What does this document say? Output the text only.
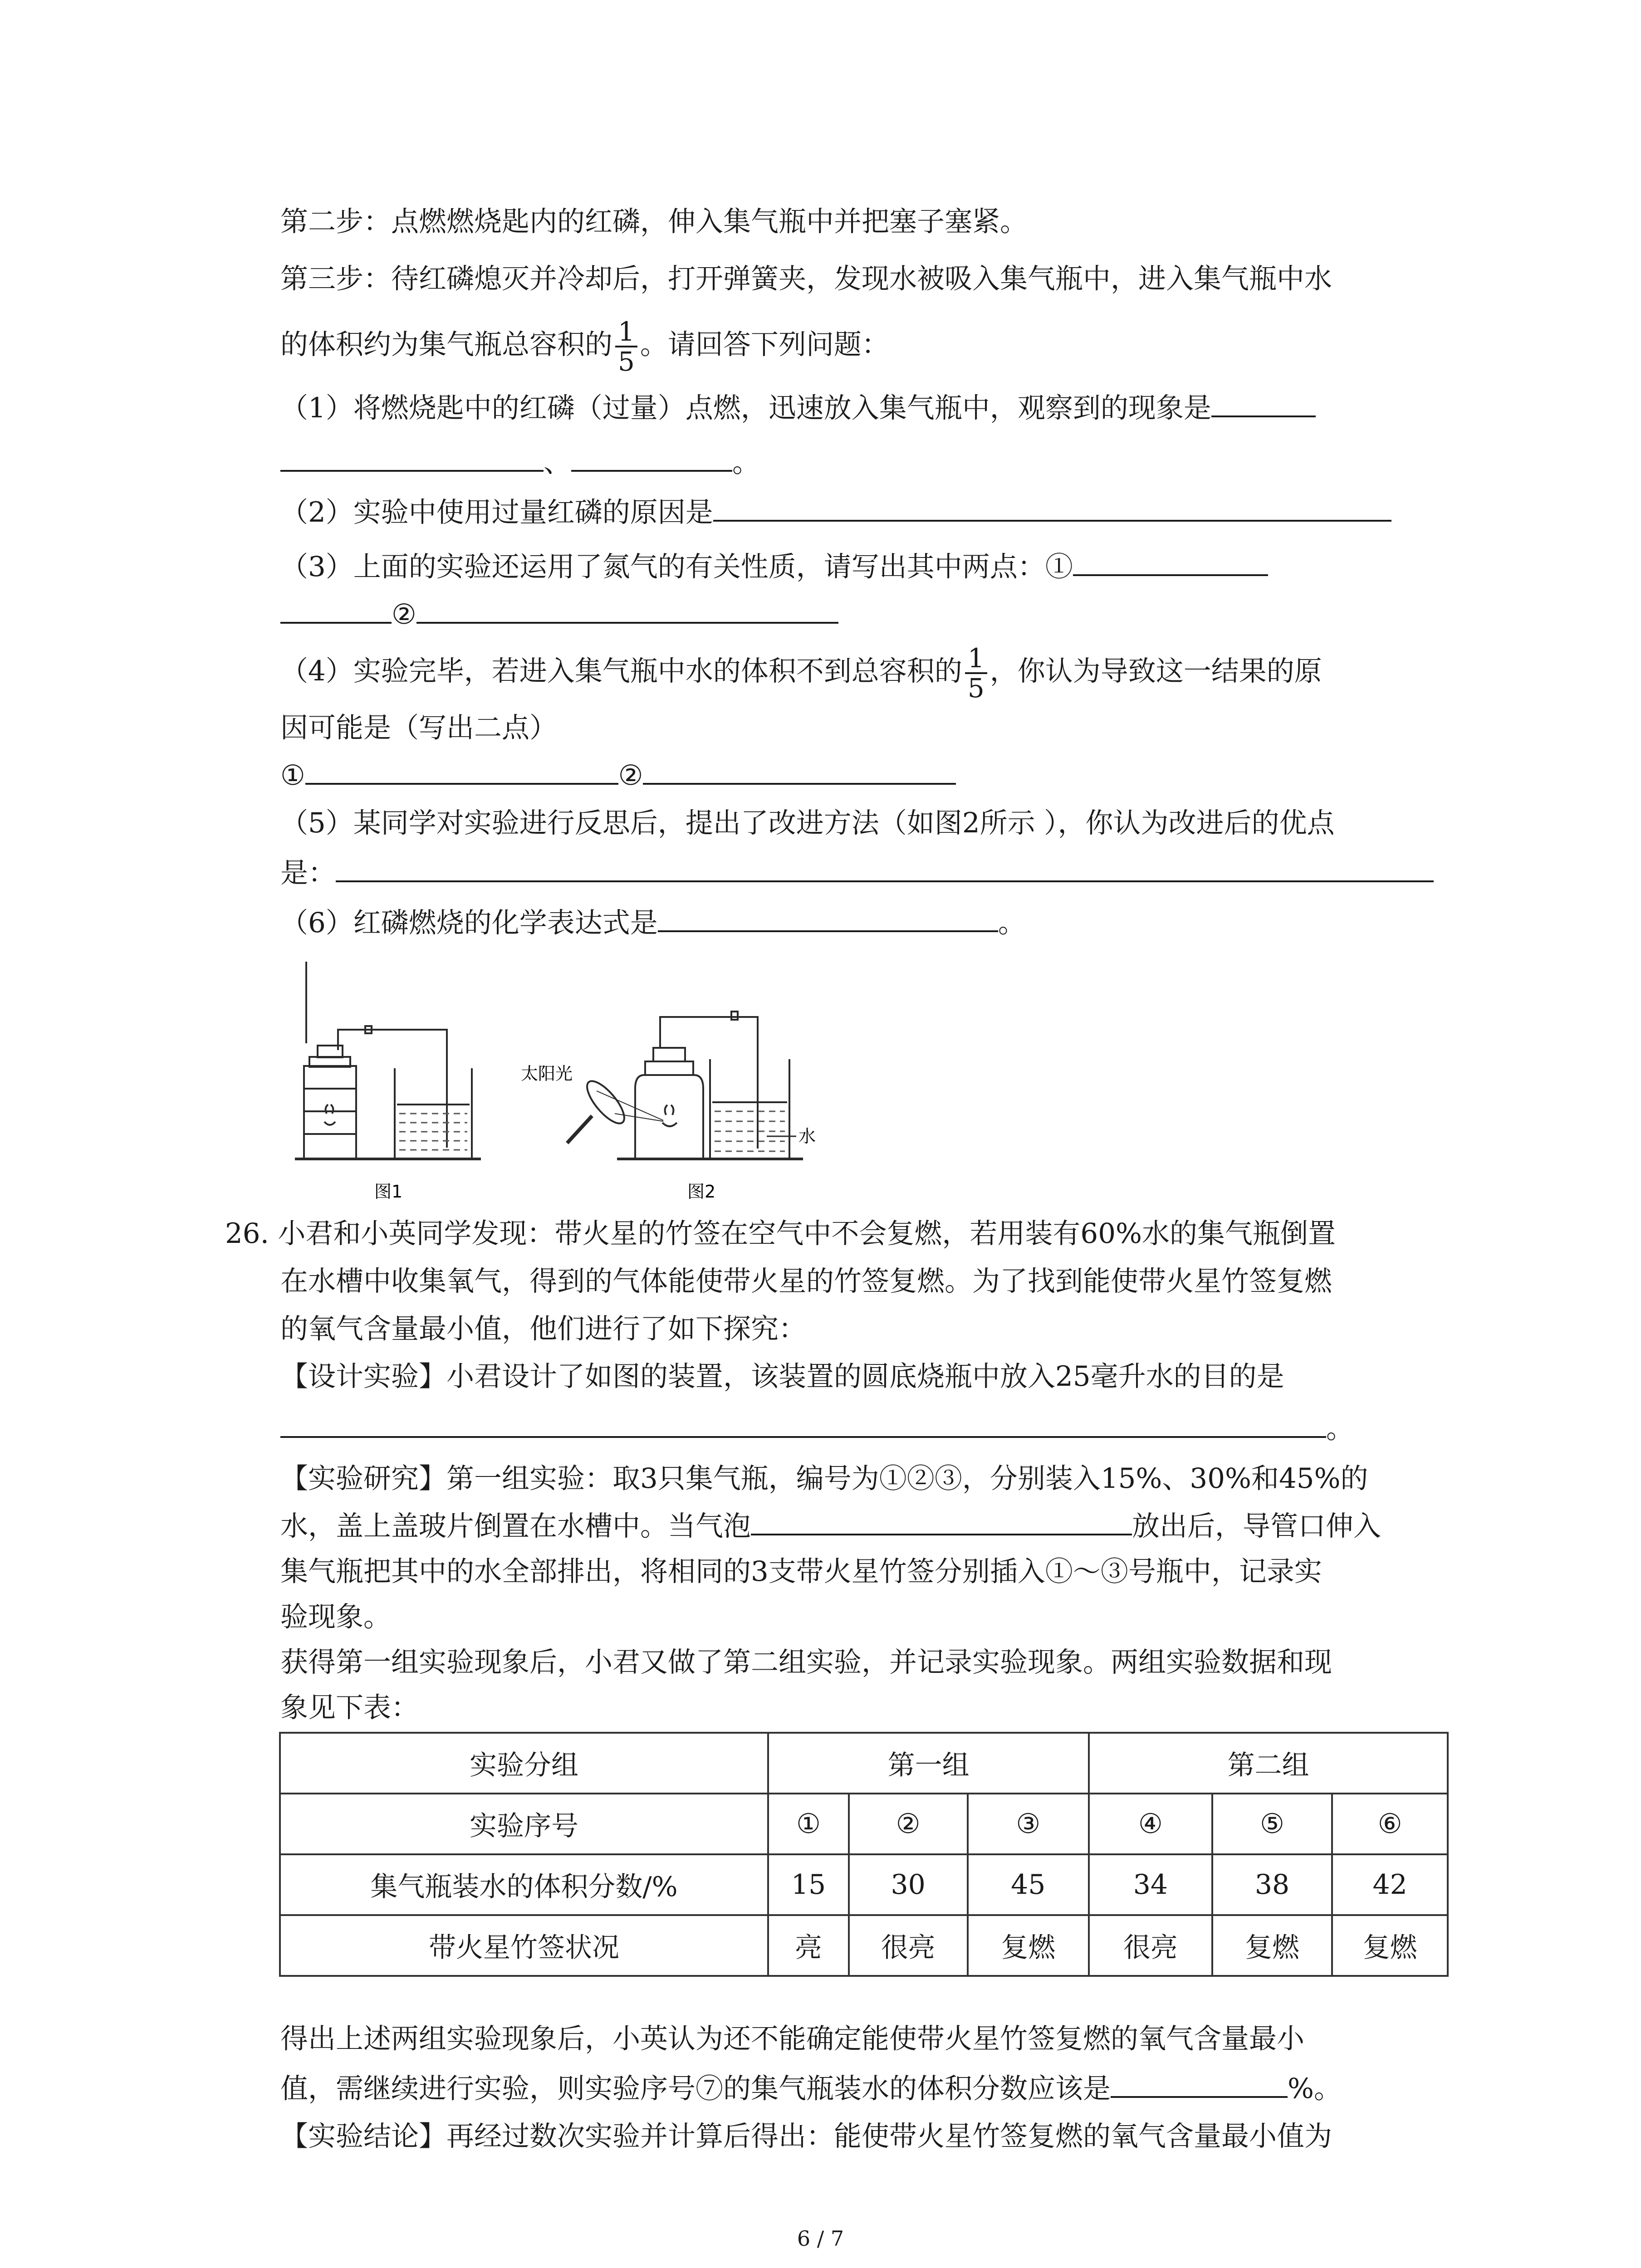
第二步：点燃燃烧匙内的红磷，伸入集气瓶中并把塞子塞紧。
第三步：待红磷熄灭并冷却后，打开弹簧夹，发现水被吸入集气瓶中，进入集气瓶中水
的体积约为集气瓶总容积的 $\frac{1}{5}$ 。请回答下列问题：
（1）将燃烧匙中的红磷（过量）点燃，迅速放入集气瓶中，观察到的现象是
、	。
（2）实验中使用过量红磷的原因是
（3）上面的实验还运用了氮气的有关性质，请写出其中两点：①
②
（4）实验完毕，若进入集气瓶中水的体积不到总容积的 $\frac{1}{5}$ ，你认为导致这一结果的原
因可能是（写出二点）
①	②
（5）某同学对实验进行反思后，提出了改进方法（如图2所示 ），你认为改进后的优点
是：
（6）红磷燃烧的化学表达式是	。
图1	图2
太阳光
水
26. 小君和小英同学发现：带火星的竹签在空气中不会复燃，若用装有60%水的集气瓶倒置
在水槽中收集氧气，得到的气体能使带火星的竹签复燃。为了找到能使带火星竹签复燃
的氧气含量最小值，他们进行了如下探究：
【设计实验】小君设计了如图的装置，该装置的圆底烧瓶中放入25毫升水的目的是
。
【实验研究】第一组实验：取3只集气瓶，编号为①②③，分别装入15%、30%和45%的
水，盖上盖玻片倒置在水槽中。当气泡	放出后，导管口伸入
集气瓶把其中的水全部排出，将相同的3支带火星竹签分别插入①～③号瓶中，记录实
验现象。
获得第一组实验现象后，小君又做了第二组实验，并记录实验现象。两组实验数据和现
象见下表：
实验分组	第一组			第二组		
实验序号	①	②	③	④	⑤	⑥
集气瓶装水的体积分数/%	15	30	45	34	38	42
带火星竹签状况	亮	很亮	复燃	很亮	复燃	复燃
得出上述两组实验现象后，小英认为还不能确定能使带火星竹签复燃的氧气含量最小
值，需继续进行实验，则实验序号⑦的集气瓶装水的体积分数应该是	%。
【实验结论】再经过数次实验并计算后得出：能使带火星竹签复燃的氧气含量最小值为
6 / 7
